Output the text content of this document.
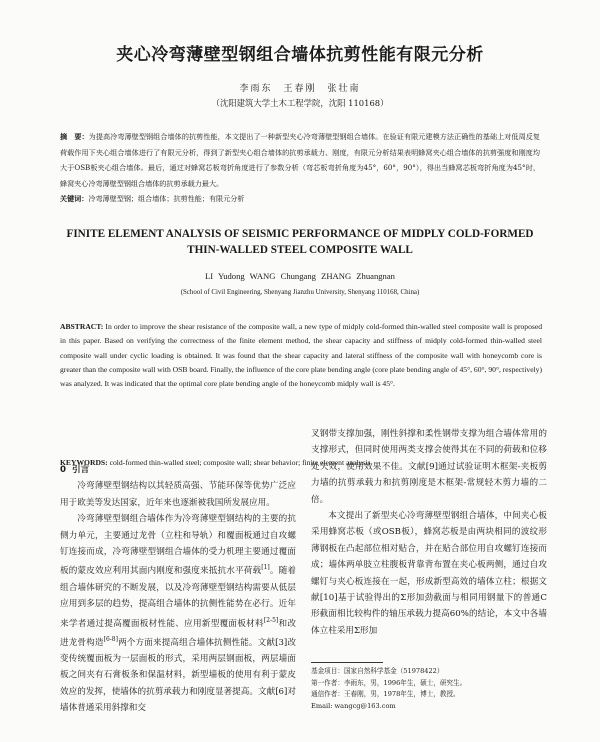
夹心冷弯薄壁型钢组合墙体抗剪性能有限元分析
李雨东　王春刚　张壮南
（沈阳建筑大学土木工程学院，沈阳 110168）
摘　要：为提高冷弯薄壁型钢组合墙体的抗剪性能，本文提出了一种新型夹心冷弯薄壁型钢组合墙体。在验证有限元建模方法正确性的基础上对低周反复荷载作用下夹心组合墙体进行了有限元分析，得到了新型夹心组合墙体的抗剪承载力、刚度，有限元分析结果表明蜂窝夹心组合墙体的抗剪强度和刚度均大于OSB板夹心组合墙体。最后，通过对蜂窝芯板弯折角度进行了参数分析（弯芯板弯折角度为45°，60°，90°），得出当蜂窝芯板弯折角度为45°时，蜂窝夹心冷弯薄壁型钢组合墙体的抗剪承载力最大。
关键词：冷弯薄壁型钢；组合墙体；抗剪性能；有限元分析
FINITE ELEMENT ANALYSIS OF SEISMIC PERFORMANCE OF MIDPLY COLD-FORMED
THIN-WALLED STEEL COMPOSITE WALL
LI Yudong WANG Chungang ZHANG Zhuangnan
(School of Civil Engineering, Shenyang Jianzhu University, Shenyang 110168, China)
ABSTRACT: In order to improve the shear resistance of the composite wall, a new type of midply cold-formed thin-walled steel composite wall is proposed in this paper. Based on verifying the correctness of the finite element method, the shear capacity and stiffness of midply cold-formed thin-walled steel composite wall under cyclic loading is obtained. It was found that the shear capacity and lateral stiffness of the composite wall with honeycomb core is greater than the composite wall with OSB board. Finally, the influence of the core plate bending angle (core plate bending angle of 45°, 60°, 90°, respectively) was analyzed. It was indicated that the optimal core plate bending angle of the honeycomb midply wall is 45°.
KEYWORDS: cold-formed thin-walled steel; composite wall; shear behavior; finite element analysis
0 引言

冷弯薄壁型钢结构以其轻质高强、节能环保等优势广泛应用于欧美等发达国家，近年来也逐渐被我国所发展应用。

冷弯薄壁型钢组合墙体作为冷弯薄壁型钢结构的主要的抗侧力单元，主要通过龙骨（立柱和导轨）和覆面板通过自攻螺钉连接而成，冷弯薄壁型钢组合墙体的受力机理主要通过覆面板的蒙皮效应利用其面内刚度和强度来抵抗水平荷载[1]。随着组合墙体研究的不断发展，以及冷弯薄壁型钢结构需要从低层应用到多层的趋势，提高组合墙体的抗侧性能势在必行。近年来学者通过提高覆面板材性能、应用新型覆面板材料[2-5]和改进龙骨构造[6-8]两个方面来提高组合墙体抗侧性能。文献[3]改变传统覆面板为一层面板的形式，采用两层钢面板，两层墙面板之间夹有石膏板条和保温材料，新型墙板的使用有利于蒙皮效应的发挥，使墙体的抗剪承载力和刚度显著提高。文献[6]对墙体普通采用斜撑和交

叉钢带支撑加强，刚性斜撑和柔性钢带支撑为组合墙体常用的支撑形式，但同时使用两类支撑会使得其在不同的荷载和位移处失效，使用效果不佳。文献[9]通过试验证明木框架-夹板剪力墙的抗剪承载力和抗剪刚度是木框架-常规轻木剪力墙的二倍。

本文提出了新型夹心冷弯薄壁型钢组合墙体，中间夹心板采用蜂窝芯板（或OSB板），蜂窝芯板是由两块相同的波纹形薄钢板在凸起部位相对贴合，并在贴合部位用自攻螺钉连接而成；墙体两单肢立柱腹板背靠背布置在夹心板两侧，通过自攻螺钉与夹心板连接在一起，形成新型高效的墙体立柱；根据文献[10]基于试验得出的Σ形加劲截面与相同用钢量下的普通C形截面相比较构件的轴压承载力提高60%的结论，本文中各墙体立柱采用Σ形加

基金项目：国家自然科学基金（51978422）
第一作者：李雨东，男，1996年生，硕士，研究生。
通信作者：王春刚，男，1978年生，博士，教授。
Email: wangcg@163.com
